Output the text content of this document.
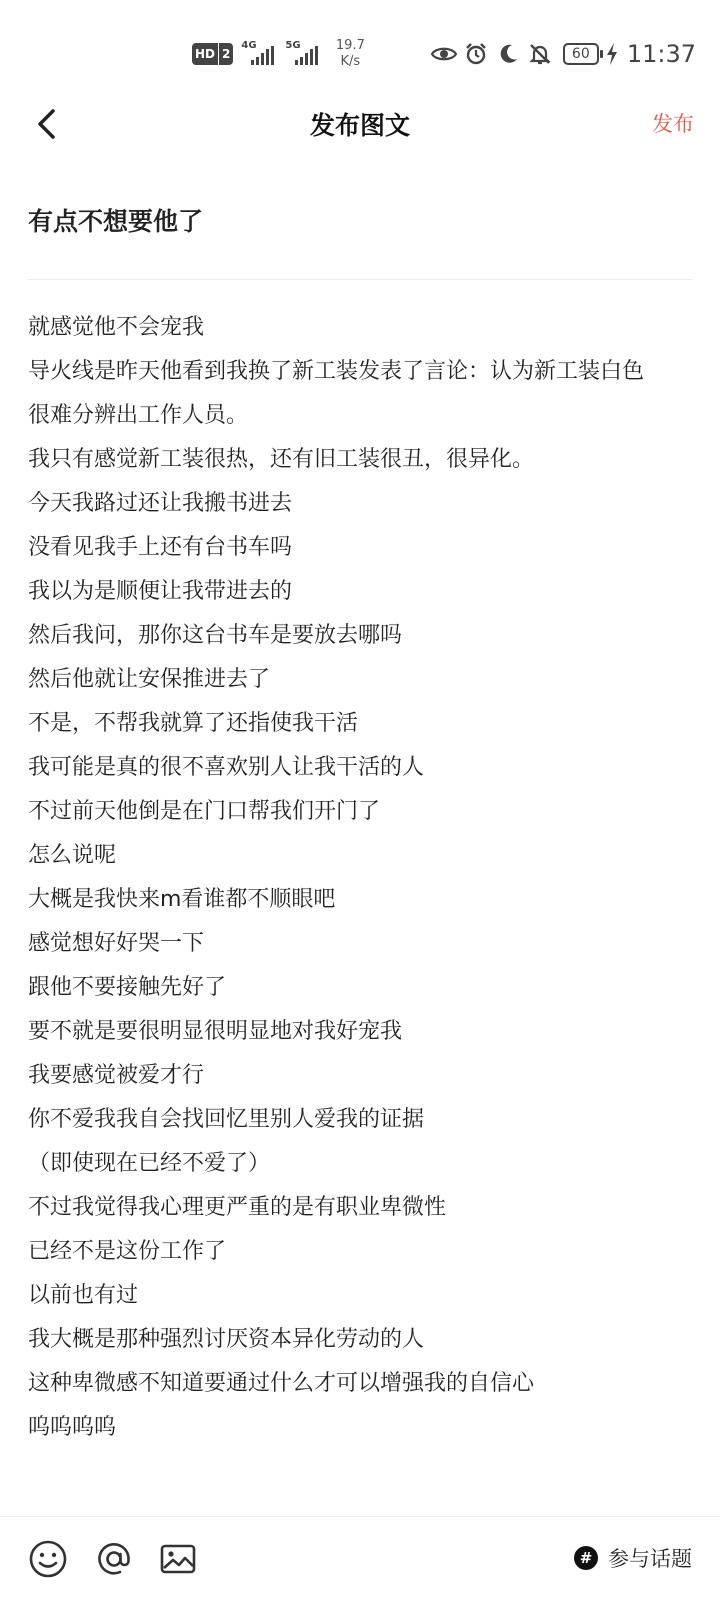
HD 2
4G	5G	19.7
K/s	60	11:37
发布图文	发布
有点不想要他了
就感觉他不会宠我
导火线是昨天他看到我换了新工装发表了言论：认为新工装白色
很难分辨出工作人员。
我只有感觉新工装很热，还有旧工装很丑，很异化。
今天我路过还让我搬书进去
没看见我手上还有台书车吗
我以为是顺便让我带进去的
然后我问，那你这台书车是要放去哪吗
然后他就让安保推进去了
不是，不帮我就算了还指使我干活
我可能是真的很不喜欢别人让我干活的人
不过前天他倒是在门口帮我们开门了
怎么说呢
大概是我快来m看谁都不顺眼吧
感觉想好好哭一下
跟他不要接触先好了
要不就是要很明显很明显地对我好宠我
我要感觉被爱才行
你不爱我我自会找回忆里别人爱我的证据
（即使现在已经不爱了）
不过我觉得我心理更严重的是有职业卑微性
已经不是这份工作了
以前也有过
我大概是那种强烈讨厌资本异化劳动的人
这种卑微感不知道要通过什么才可以增强我的自信心
呜呜呜呜
# 参与话题
